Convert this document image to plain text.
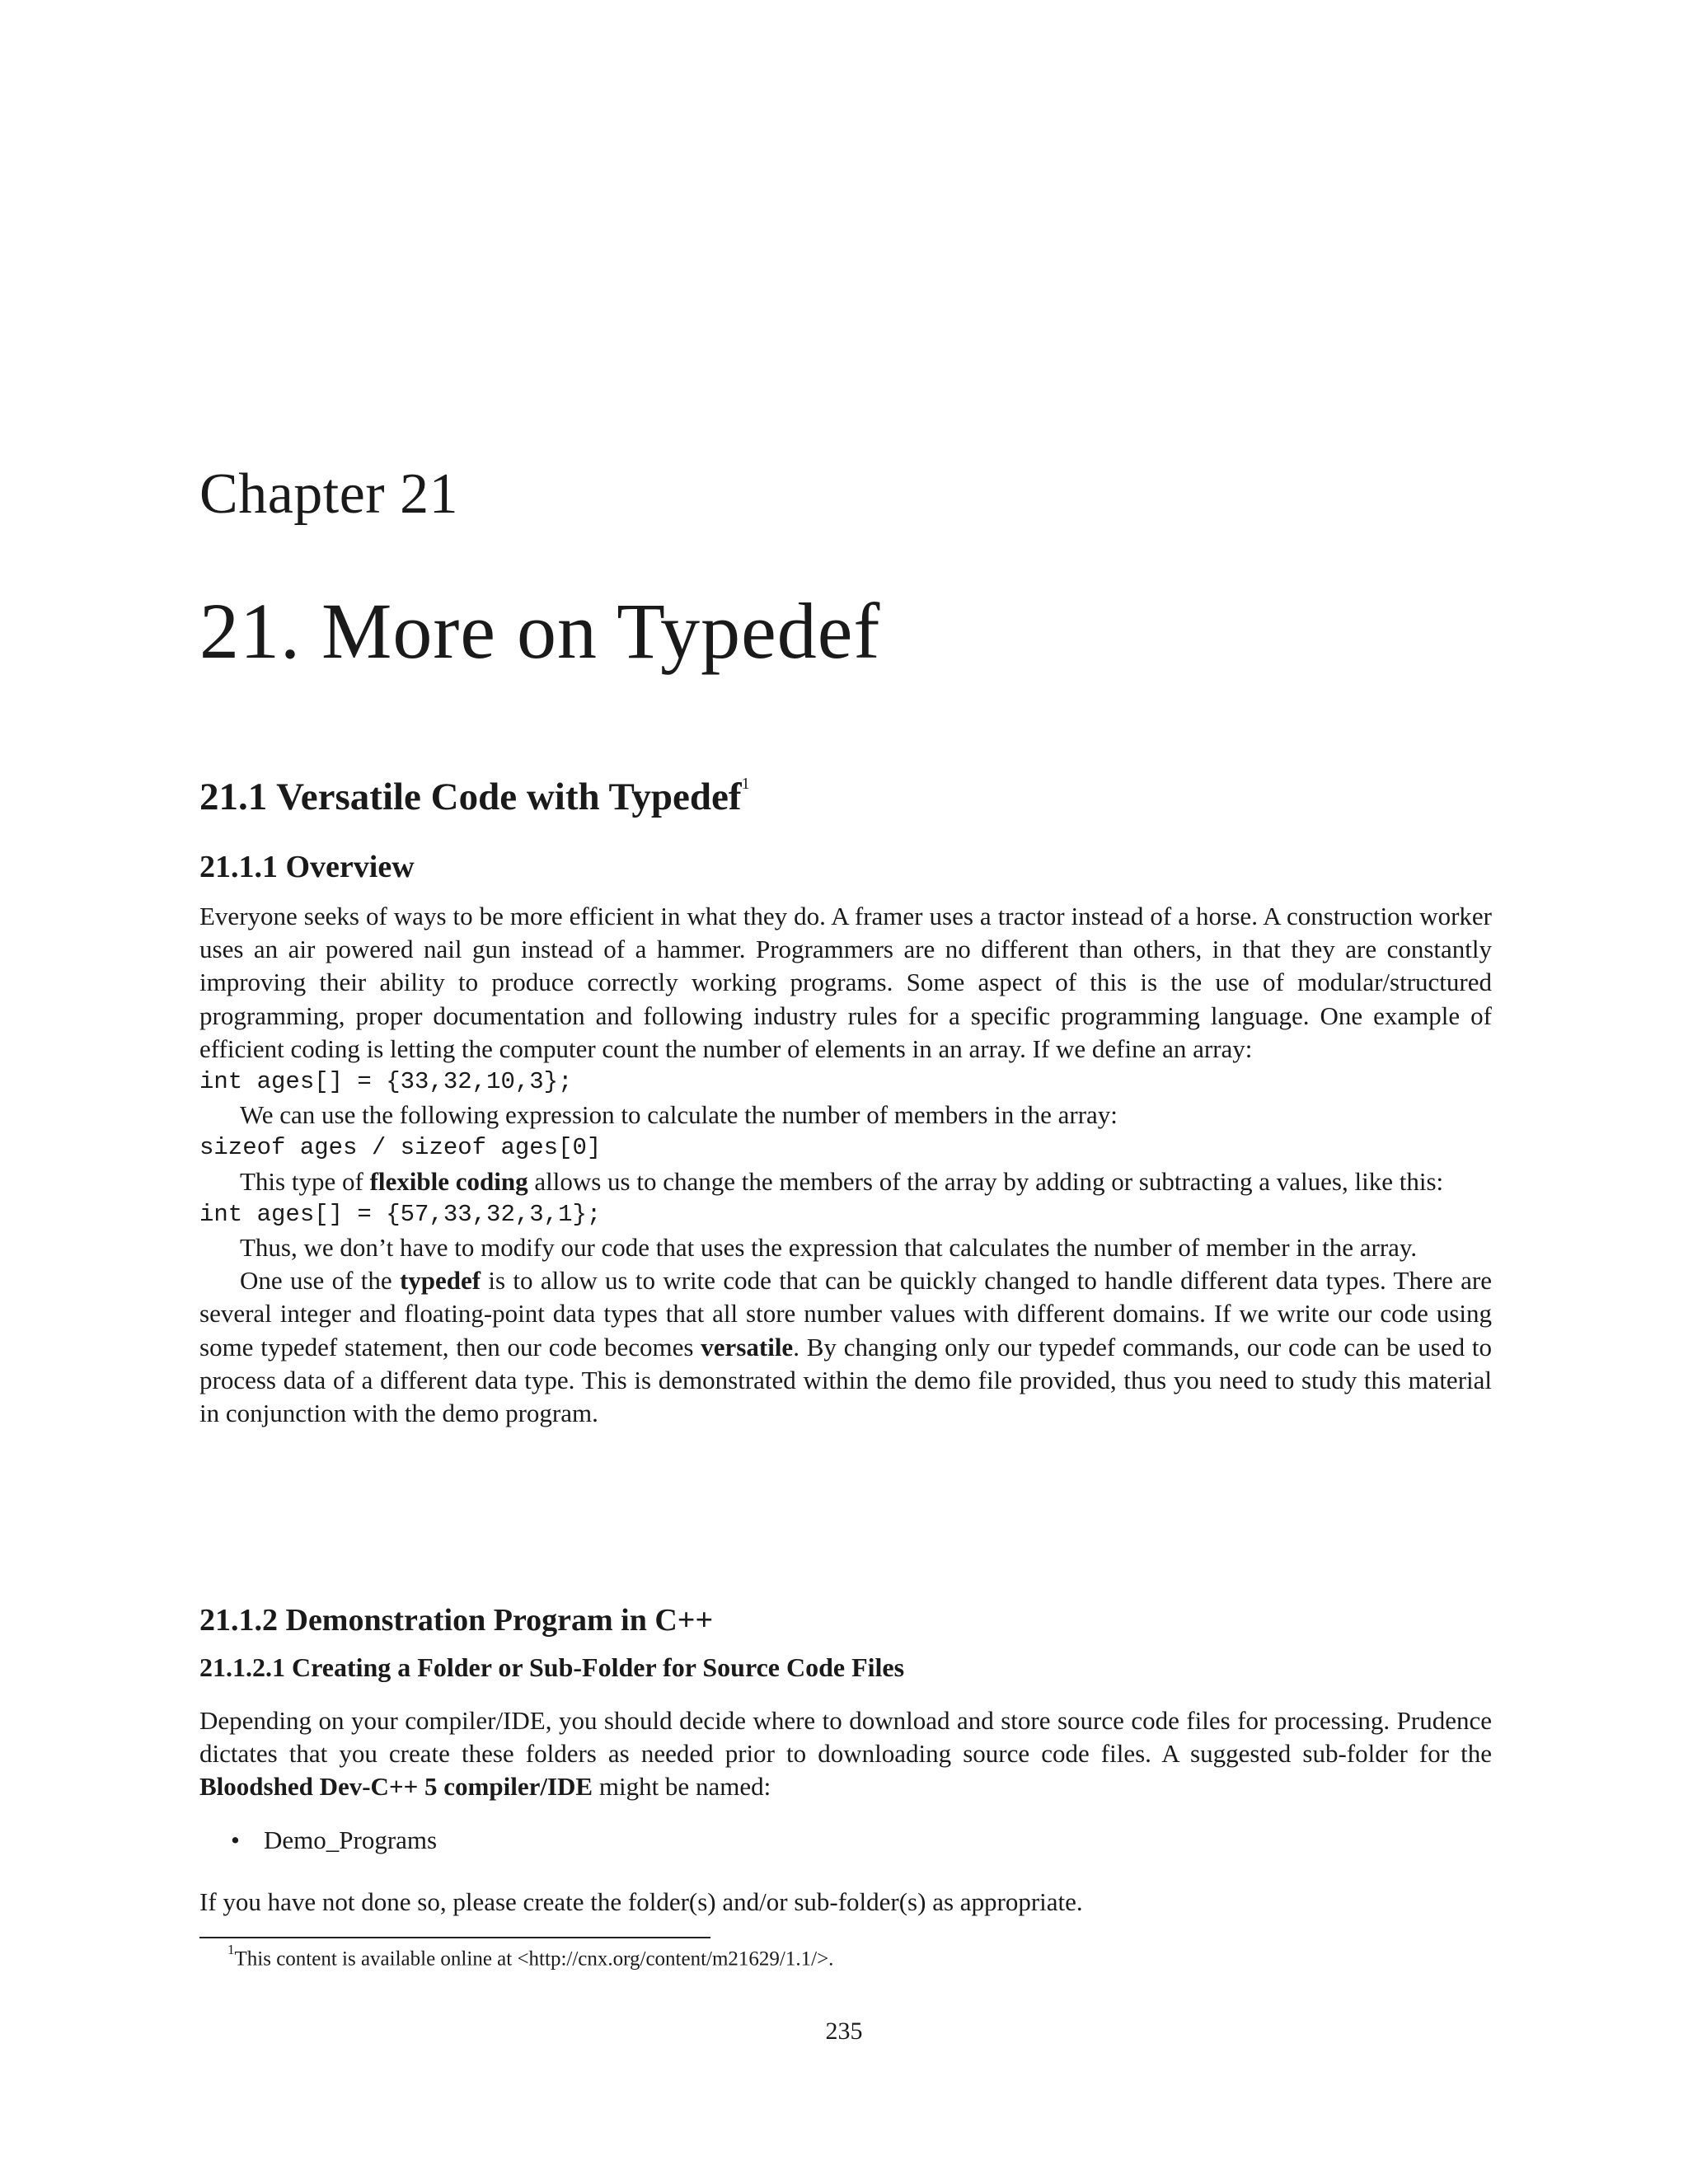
Chapter 21
21. More on Typedef
21.1 Versatile Code with Typedef$^1$
21.1.1 Overview

Everyone seeks of ways to be more efficient in what they do. A framer uses a tractor instead of a horse. A construction worker uses an air powered nail gun instead of a hammer. Programmers are no different than others, in that they are constantly improving their ability to produce correctly working programs. Some aspect of this is the use of modular/structured programming, proper documentation and following industry rules for a specific programming language. One example of efficient coding is letting the computer count the number of elements in an array. If we define an array:

int ages[] = {33,32,10,3};

We can use the following expression to calculate the number of members in the array:

sizeof ages / sizeof ages[0]

This type of flexible coding allows us to change the members of the array by adding or subtracting a values, like this:

int ages[] = {57,33,32,3,1};

Thus, we don’t have to modify our code that uses the expression that calculates the number of member in the array.

One use of the typedef is to allow us to write code that can be quickly changed to handle different data types. There are several integer and floating-point data types that all store number values with different domains. If we write our code using some typedef statement, then our code becomes versatile. By changing only our typedef commands, our code can be used to process data of a different data type. This is demonstrated within the demo file provided, thus you need to study this material in conjunction with the demo program.

21.1.2 Demonstration Program in C++
21.1.2.1 Creating a Folder or Sub-Folder for Source Code Files

Depending on your compiler/IDE, you should decide where to download and store source code files for processing. Prudence dictates that you create these folders as needed prior to downloading source code files. A suggested sub-folder for the Bloodshed Dev-C++ 5 compiler/IDE might be named:

• Demo_Programs

If you have not done so, please create the folder(s) and/or sub-folder(s) as appropriate.

$^1$This content is available online at <http://cnx.org/content/m21629/1.1/>.

235
